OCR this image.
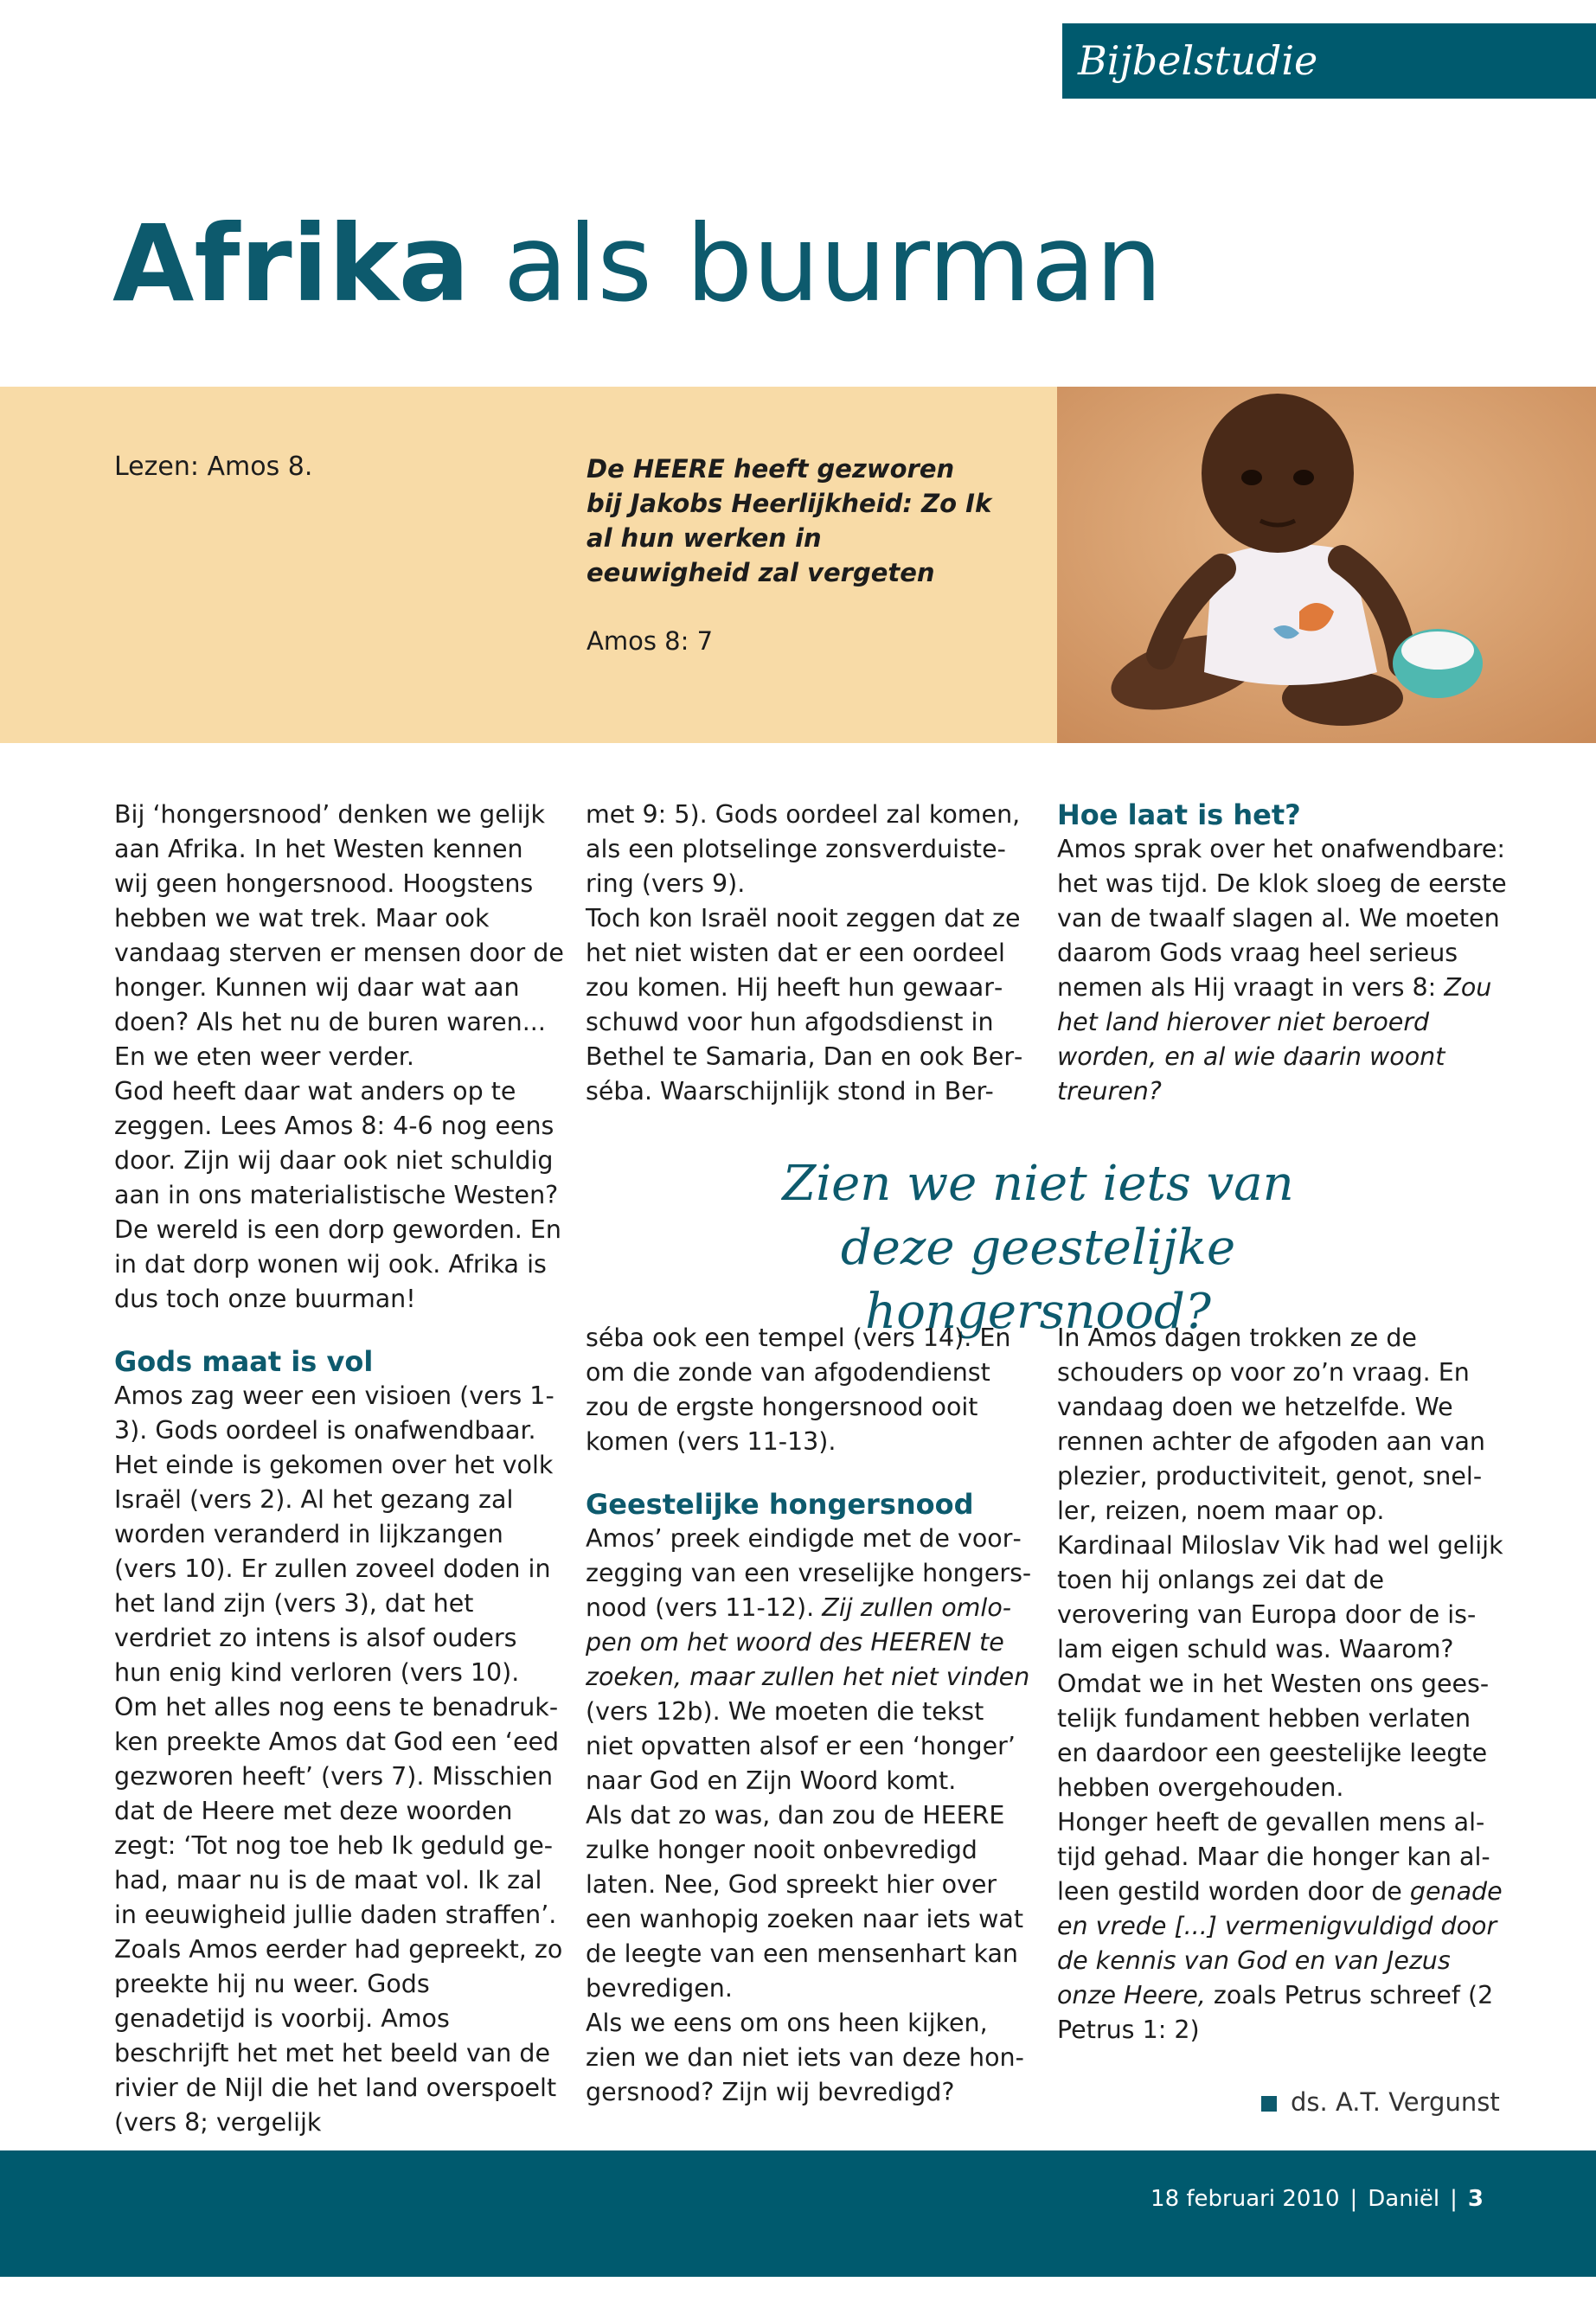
Bijbelstudie
Afrika als buurman
Lezen: Amos 8.	De HEERE heeft gezworen bij Jakobs Heerlijkheid: Zo Ik al hun werken in eeuwigheid zal vergeten
Amos 8: 7

Bij ‘hongersnood’ denken we gelijk aan Afrika. In het Westen kennen wij geen hongersnood. Hoogstens hebben we wat trek. Maar ook vandaag sterven er mensen door de honger. Kunnen wij daar wat aan doen? Als het nu de buren waren... En we eten weer verder.

God heeft daar wat anders op te zeggen. Lees Amos 8: 4-6 nog eens door. Zijn wij daar ook niet schuldig aan in ons materialistische Westen? De wereld is een dorp geworden. En in dat dorp wonen wij ook. Afrika is dus toch onze buurman!

Gods maat is vol

Amos zag weer een visioen (vers 1-3). Gods oordeel is onafwendbaar. Het einde is gekomen over het volk Israël (vers 2). Al het gezang zal worden veranderd in lijkzangen (vers 10). Er zullen zoveel doden in het land zijn (vers 3), dat het verdriet zo intens is alsof ouders hun enig kind verloren (vers 10).

Om het alles nog eens te benadrukken preekte Amos dat God een ‘eed gezworen heeft’ (vers 7). Misschien dat de Heere met deze woorden zegt: ‘Tot nog toe heb Ik geduld gehad, maar nu is de maat vol. Ik zal in eeuwigheid jullie daden straffen’.

Zoals Amos eerder had gepreekt, zo preekte hij nu weer. Gods genadetijd is voorbij. Amos beschrijft het met het beeld van de rivier de Nijl die het land overspoelt (vers 8; vergelijk

met 9: 5). Gods oordeel zal komen, als een plotselinge zonsverduistering (vers 9).

Toch kon Israël nooit zeggen dat ze het niet wisten dat er een oordeel zou komen. Hij heeft hun gewaarschuwd voor hun afgodsdienst in Bethel te Samaria, Dan en ook Berséba. Waarschijnlijk stond in Ber-

Hoe laat is het?

Amos sprak over het onafwendbare: het was tijd. De klok sloeg de eerste van de twaalf slagen al. We moeten daarom Gods vraag heel serieus nemen als Hij vraagt in vers 8: Zou het land hierover niet beroerd worden, en al wie daarin woont treuren?

Zien we niet iets van deze geestelijke hongersnood?

séba ook een tempel (vers 14). En om die zonde van afgodendienst zou de ergste hongersnood ooit komen (vers 11-13).

Geestelijke hongersnood

Amos’ preek eindigde met de voorzegging van een vreselijke hongersnood (vers 11-12). Zij zullen omlopen om het woord des HEEREN te zoeken, maar zullen het niet vinden (vers 12b). We moeten die tekst niet opvatten alsof er een ‘honger’ naar God en Zijn Woord komt.

Als dat zo was, dan zou de HEERE zulke honger nooit onbevredigd laten. Nee, God spreekt hier over een wanhopig zoeken naar iets wat de leegte van een mensenhart kan bevredigen.

Als we eens om ons heen kijken, zien we dan niet iets van deze hongersnood? Zijn wij bevredigd?

In Amos dagen trokken ze de schouders op voor zo’n vraag. En vandaag doen we hetzelfde. We rennen achter de afgoden aan van plezier, productiviteit, genot, sneller, reizen, noem maar op.

Kardinaal Miloslav Vik had wel gelijk toen hij onlangs zei dat de verovering van Europa door de islam eigen schuld was. Waarom?

Omdat we in het Westen ons geestelijk fundament hebben verlaten en daardoor een geestelijke leegte hebben overgehouden.

Honger heeft de gevallen mens altijd gehad. Maar die honger kan alleen gestild worden door de genade en vrede [...] vermenigvuldigd door de kennis van God en van Jezus onze Heere, zoals Petrus schreef (2 Petrus 1: 2)

ds. A.T. Vergunst
18 februari 2010 | Daniël | 3
